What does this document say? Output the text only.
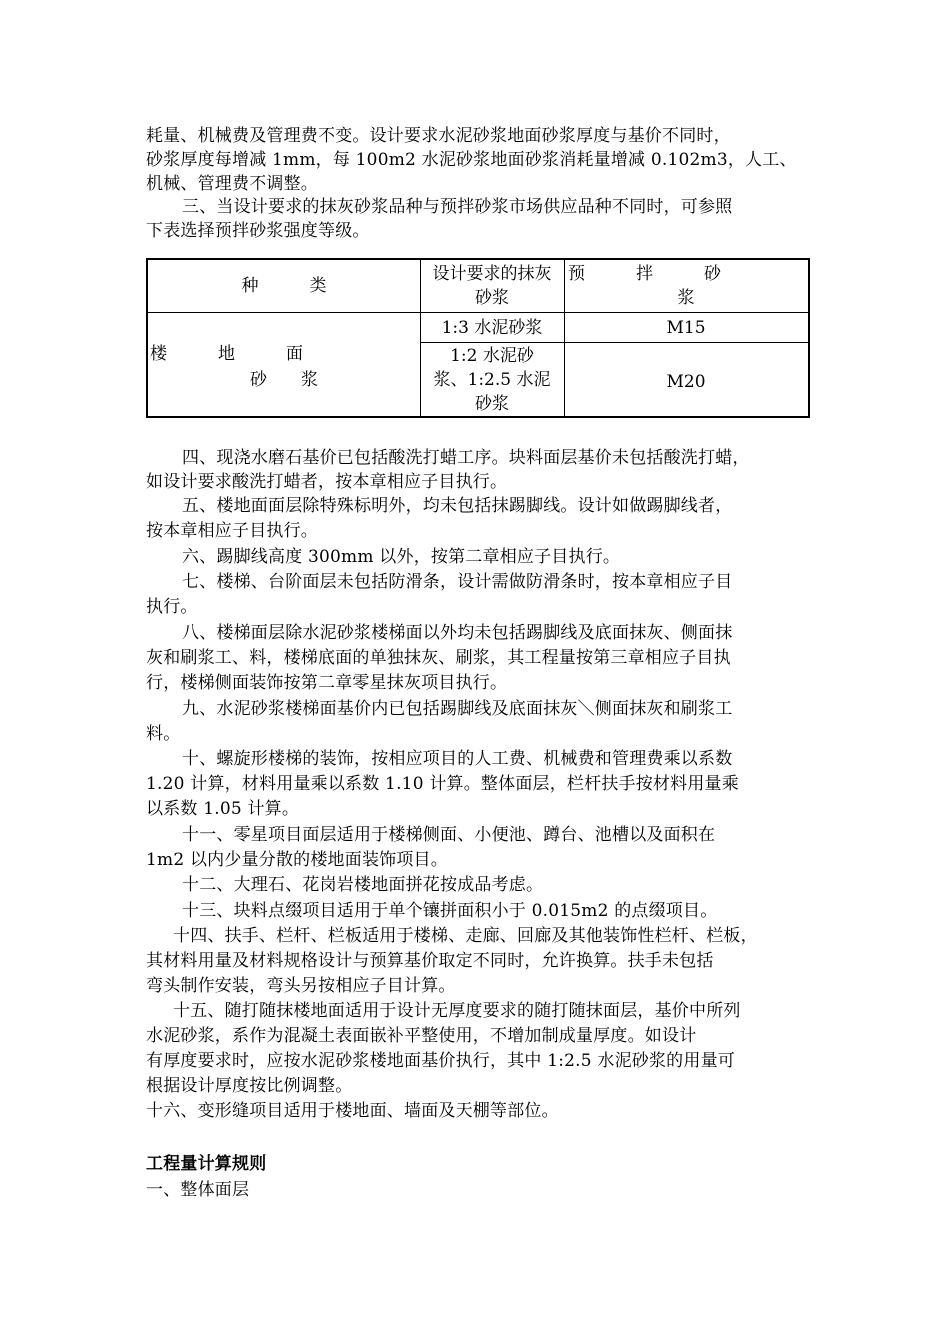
耗量、机械费及管理费不变。设计要求水泥砂浆地面砂浆厚度与基价不同时，
砂浆厚度每增减 1mm，每 100m2 水泥砂浆地面砂浆消耗量增减 0.102m3，人工、
机械、管理费不调整。
三、当设计要求的抹灰砂浆品种与预拌砂浆市场供应品种不同时，可参照
下表选择预拌砂浆强度等级。
种　　　类
设计要求的抹灰
砂浆
预　　　拌　　　砂
浆
楼　　　地　　　面
砂　　浆
1:3 水泥砂浆	M15
1:2 水泥砂
浆、1:2.5 水泥
砂浆
M20
四、现浇水磨石基价已包括酸洗打蜡工序。块料面层基价未包括酸洗打蜡，
如设计要求酸洗打蜡者，按本章相应子目执行。
五、楼地面面层除特殊标明外，均未包括抹踢脚线。设计如做踢脚线者，
按本章相应子目执行。
六、踢脚线高度 300mm 以外，按第二章相应子目执行。
七、楼梯、台阶面层未包括防滑条，设计需做防滑条时，按本章相应子目
执行。
八、楼梯面层除水泥砂浆楼梯面以外均未包括踢脚线及底面抹灰、侧面抹
灰和刷浆工、料，楼梯底面的单独抹灰、刷浆，其工程量按第三章相应子目执
行，楼梯侧面装饰按第二章零星抹灰项目执行。
九、水泥砂浆楼梯面基价内已包括踢脚线及底面抹灰＼侧面抹灰和刷浆工
料。
十、螺旋形楼梯的装饰，按相应项目的人工费、机械费和管理费乘以系数
1.20 计算，材料用量乘以系数 1.10 计算。整体面层，栏杆扶手按材料用量乘
以系数 1.05 计算。
十一、零星项目面层适用于楼梯侧面、小便池、蹲台、池槽以及面积在
1m2 以内少量分散的楼地面装饰项目。
十二、大理石、花岗岩楼地面拼花按成品考虑。
十三、块料点缀项目适用于单个镶拼面积小于 0.015m2 的点缀项目。
十四、扶手、栏杆、栏板适用于楼梯、走廊、回廊及其他装饰性栏杆、栏板，
其材料用量及材料规格设计与预算基价取定不同时，允许换算。扶手未包括
弯头制作安装，弯头另按相应子目计算。
十五、随打随抹楼地面适用于设计无厚度要求的随打随抹面层，基价中所列
水泥砂浆，系作为混凝土表面嵌补平整使用，不增加制成量厚度。如设计
有厚度要求时，应按水泥砂浆楼地面基价执行，其中 1:2.5 水泥砂浆的用量可
根据设计厚度按比例调整。
十六、变形缝项目适用于楼地面、墙面及天棚等部位。
工程量计算规则
一、整体面层
